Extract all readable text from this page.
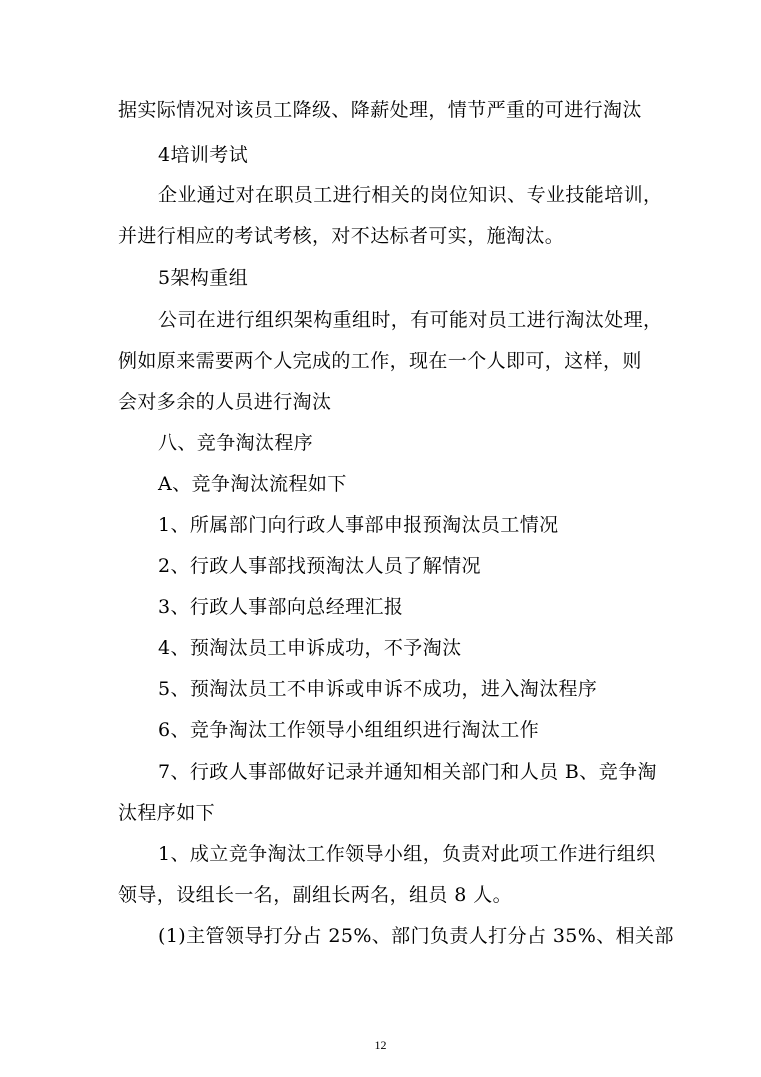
据实际情况对该员工降级、降薪处理，情节严重的可进行淘汰
4培训考试
企业通过对在职员工进行相关的岗位知识、专业技能培训，
并进行相应的考试考核，对不达标者可实，施淘汰。
5架构重组
公司在进行组织架构重组时，有可能对员工进行淘汰处理，
例如原来需要两个人完成的工作，现在一个人即可，这样，则
会对多余的人员进行淘汰
八、竞争淘汰程序
A、竞争淘汰流程如下
1、所属部门向行政人事部申报预淘汰员工情况
2、行政人事部找预淘汰人员了解情况
3、行政人事部向总经理汇报
4、预淘汰员工申诉成功，不予淘汰
5、预淘汰员工不申诉或申诉不成功，进入淘汰程序
6、竞争淘汰工作领导小组组织进行淘汰工作
7、行政人事部做好记录并通知相关部门和人员 B、竞争淘
汰程序如下
1、成立竞争淘汰工作领导小组，负责对此项工作进行组织
领导，设组长一名，副组长两名，组员 8 人。
(1)主管领导打分占 25%、部门负责人打分占 35%、相关部
12
